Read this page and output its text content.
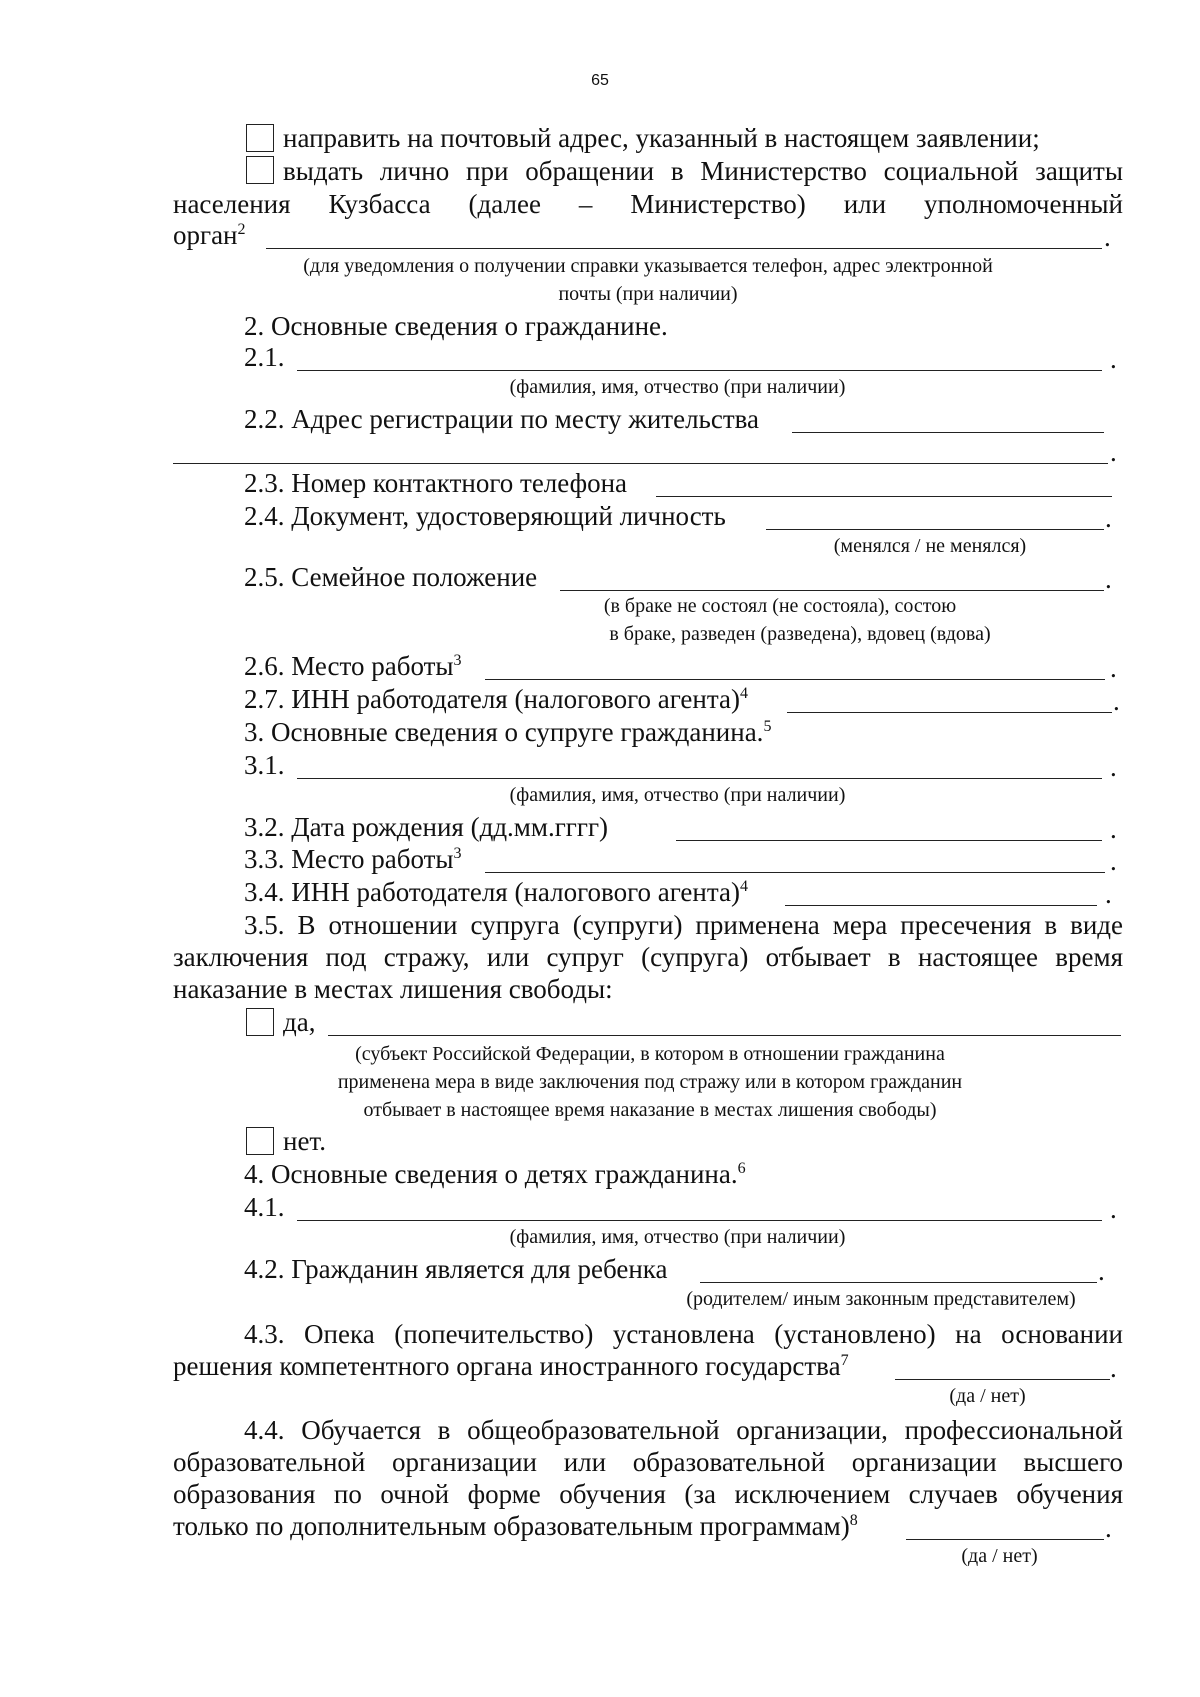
65
направить на почтовый адрес, указанный в настоящем заявлении;
выдать лично при обращении в Министерство социальной защиты
населения Кузбасса (далее – Министерство) или уполномоченный
орган$^2$	.
(для уведомления о получении справки указывается телефон, адрес электронной
почты (при наличии)
2. Основные сведения о гражданине.
2.1.	.
(фамилия, имя, отчество (при наличии)
2.2. Адрес регистрации по месту жительства
.
2.3. Номер контактного телефона
2.4. Документ, удостоверяющий личность	.
(менялся / не менялся)
2.5. Семейное положение	.
(в браке не состоял (не состояла), состою
в браке, разведен (разведена), вдовец (вдова)
2.6. Место работы$^3$	.
2.7. ИНН работодателя (налогового агента)$^4$	.
3. Основные сведения о супруге гражданина.$^5$
3.1.	.
(фамилия, имя, отчество (при наличии)
3.2. Дата рождения (дд.мм.гггг)	.
3.3. Место работы$^3$	.
3.4. ИНН работодателя (налогового агента)$^4$	.
3.5. В отношении супруга (супруги) применена мера пресечения в виде
заключения под стражу, или супруг (супруга) отбывает в настоящее время
наказание в местах лишения свободы:
да,
(субъект Российской Федерации, в котором в отношении гражданина
применена мера в виде заключения под стражу или в котором гражданин
отбывает в настоящее время наказание в местах лишения свободы)
нет.
4. Основные сведения о детях гражданина.$^6$
4.1.	.
(фамилия, имя, отчество (при наличии)
4.2. Гражданин является для ребенка	.
(родителем/ иным законным представителем)
4.3. Опека (попечительство) установлена (установлено) на основании
решения компетентного органа иностранного государства$^7$	.
(да / нет)
4.4. Обучается в общеобразовательной организации, профессиональной
образовательной организации или образовательной организации высшего
образования по очной форме обучения (за исключением случаев обучения
только по дополнительным образовательным программам)$^8$	.
(да / нет)
